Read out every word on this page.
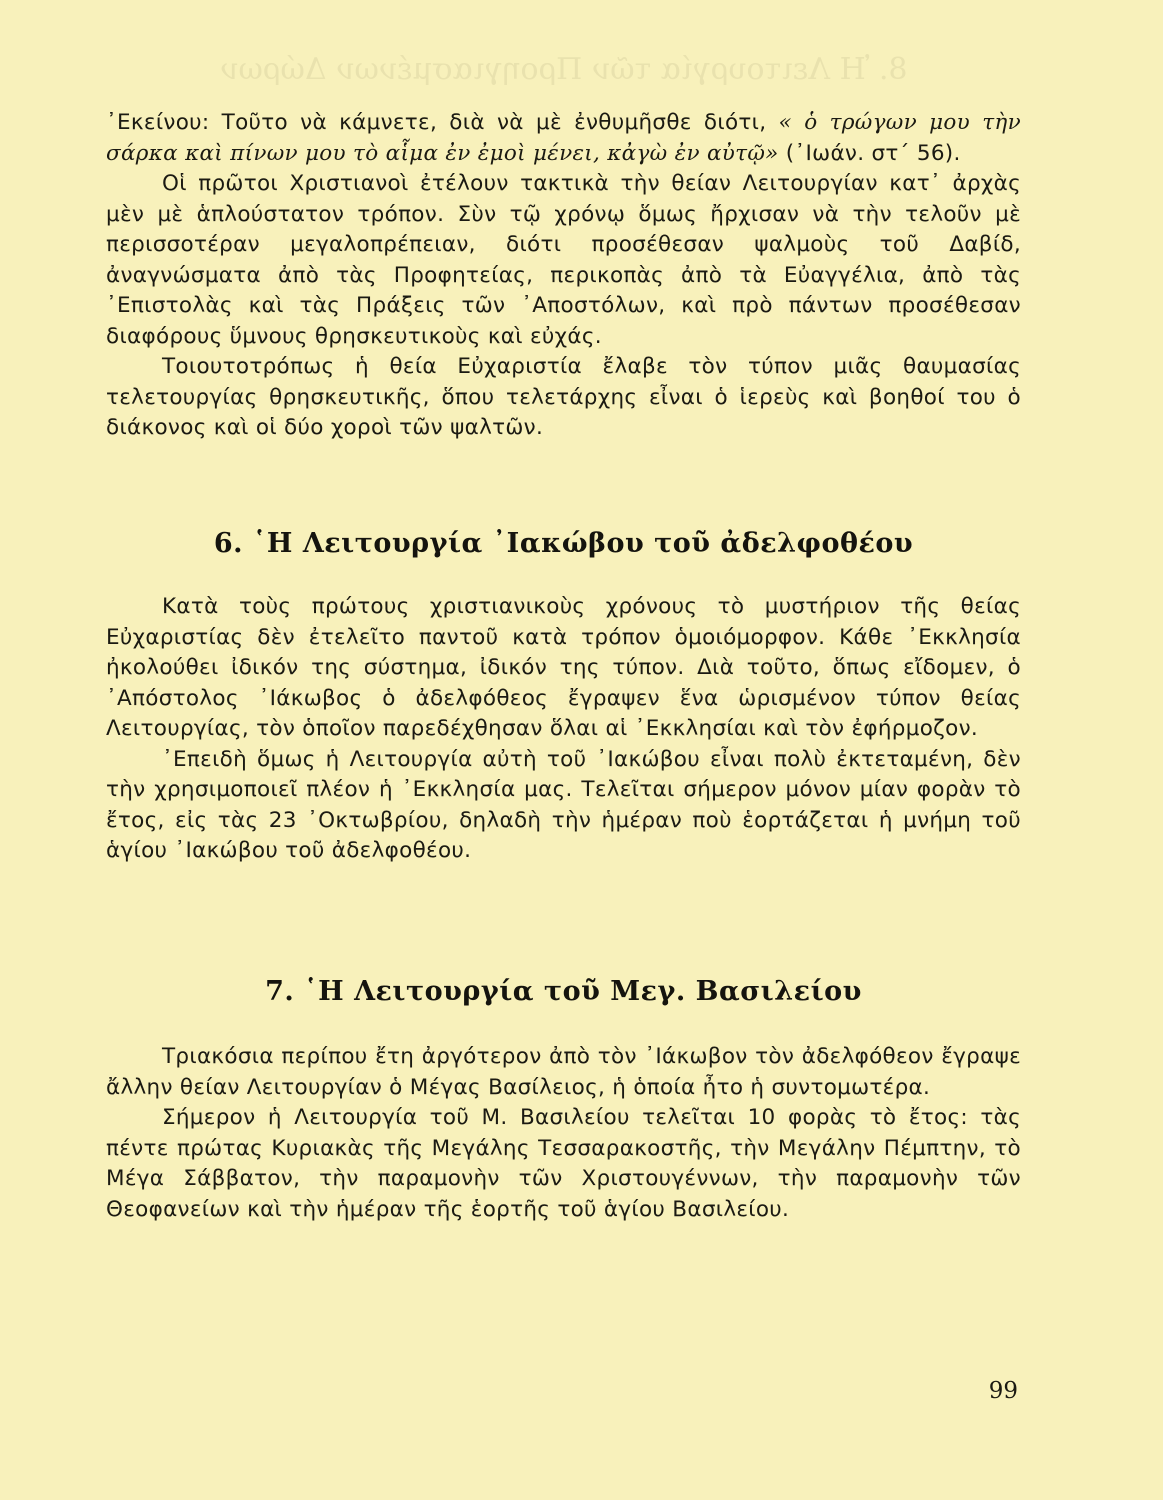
8. Ἡ Λειτουργία τῶν Προηγιασμένων Δώρων

᾿Εκείνου: Τοῦτο νὰ κάμνετε, διὰ νὰ μὲ ἐνθυμῆσθε διότι, « ὁ τρώγων μου τὴν σάρκα καὶ πίνων μου τὸ αἷμα ἐν ἐμοὶ μένει, κἀγὼ ἐν αὐτῷ» (᾿Ιωάν. στ´ 56).

Οἱ πρῶτοι Χριστιανοὶ ἐτέλουν τακτικὰ τὴν θείαν Λειτουργίαν κατ᾿ ἀρχὰς μὲν μὲ ἁπλούστατον τρόπον. Σὺν τῷ χρόνῳ ὅμως ἤρχισαν νὰ τὴν τελοῦν μὲ περισσοτέραν μεγαλοπρέπειαν, διότι προσέθεσαν ψαλμοὺς τοῦ Δαβίδ, ἀναγνώσματα ἀπὸ τὰς Προφητείας, περικοπὰς ἀπὸ τὰ Εὐαγγέλια, ἀπὸ τὰς ᾿Επιστολὰς καὶ τὰς Πράξεις τῶν ᾿Αποστόλων, καὶ πρὸ πάντων προσέθεσαν διαφόρους ὕμνους θρησκευτικοὺς καὶ εὐχάς.

Τοιουτοτρόπως ἡ θεία Εὐχαριστία ἔλαβε τὸν τύπον μιᾶς θαυμασίας τελετουργίας θρησκευτικῆς, ὅπου τελετάρχης εἶναι ὁ ἱερεὺς καὶ βοηθοί του ὁ διάκονος καὶ οἱ δύο χοροὶ τῶν ψαλτῶν.

6. ῾Η Λειτουργία ᾿Ιακώβου τοῦ ἀδελφοθέου

Κατὰ τοὺς πρώτους χριστιανικοὺς χρόνους τὸ μυστήριον τῆς θείας Εὐχαριστίας δὲν ἐτελεῖτο παντοῦ κατὰ τρόπον ὁμοιόμορφον. Κάθε ᾿Εκκλησία ἠκολούθει ἰδικόν της σύστημα, ἰδικόν της τύπον. Διὰ τοῦτο, ὅπως εἴδομεν, ὁ ᾿Απόστολος ᾿Ιάκωβος ὁ ἀδελφόθεος ἔγραψεν ἕνα ὡρισμένον τύπον θείας Λειτουργίας, τὸν ὁποῖον παρεδέχθησαν ὅλαι αἱ ᾿Εκκλησίαι καὶ τὸν ἐφήρμοζον.

᾿Επειδὴ ὅμως ἡ Λειτουργία αὐτὴ τοῦ ᾿Ιακώβου εἶναι πολὺ ἐκτεταμένη, δὲν τὴν χρησιμοποιεῖ πλέον ἡ ᾿Εκκλησία μας. Τελεῖται σήμερον μόνον μίαν φορὰν τὸ ἔτος, εἰς τὰς 23 ᾿Οκτωβρίου, δηλαδὴ τὴν ἡμέραν ποὺ ἑορτάζεται ἡ μνήμη τοῦ ἁγίου ᾿Ιακώβου τοῦ ἀδελφοθέου.

7. ῾Η Λειτουργία τοῦ Μεγ. Βασιλείου

Τριακόσια περίπου ἔτη ἀργότερον ἀπὸ τὸν ᾿Ιάκωβον τὸν ἀδελφόθεον ἔγραψε ἄλλην θείαν Λειτουργίαν ὁ Μέγας Βασίλειος, ἡ ὁποία ἦτο ἡ συντομωτέρα.

Σήμερον ἡ Λειτουργία τοῦ Μ. Βασιλείου τελεῖται 10 φορὰς τὸ ἔτος: τὰς πέντε πρώτας Κυριακὰς τῆς Μεγάλης Τεσσαρακοστῆς, τὴν Μεγάλην Πέμπτην, τὸ Μέγα Σάββατον, τὴν παραμονὴν τῶν Χριστουγέννων, τὴν παραμονὴν τῶν Θεοφανείων καὶ τὴν ἡμέραν τῆς ἑορτῆς τοῦ ἁγίου Βασιλείου.

99
